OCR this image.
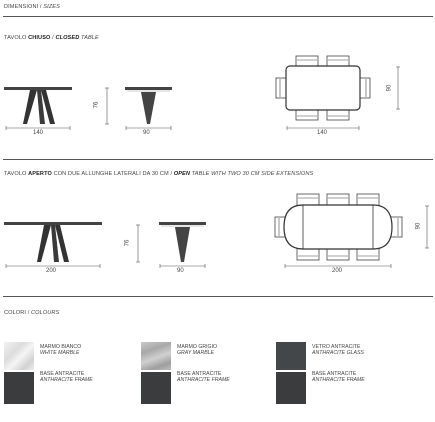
DIMENSIONI / SIZES
TAVOLO CHIUSO / CLOSED TABLE
140
76
90	140
90
TAVOLO APERTO CON DUE ALLUNGHE LATERALI DA 30 CM / OPEN TABLE WITH TWO 30 CM SIDE EXTENSIONS
200
76
90	200
90
COLORI / COLOURS
MARMO BIANCO
WHITE MARBLE
BASE ANTRACITE
ANTHRACITE FRAME
MARMO GRIGIO
GRAY MARBLE
BASE ANTRACITE
ANTHRACITE FRAME
VETRO ANTRACITE
ANTHRACITE GLASS
BASE ANTRACITE
ANTHRACITE FRAME
